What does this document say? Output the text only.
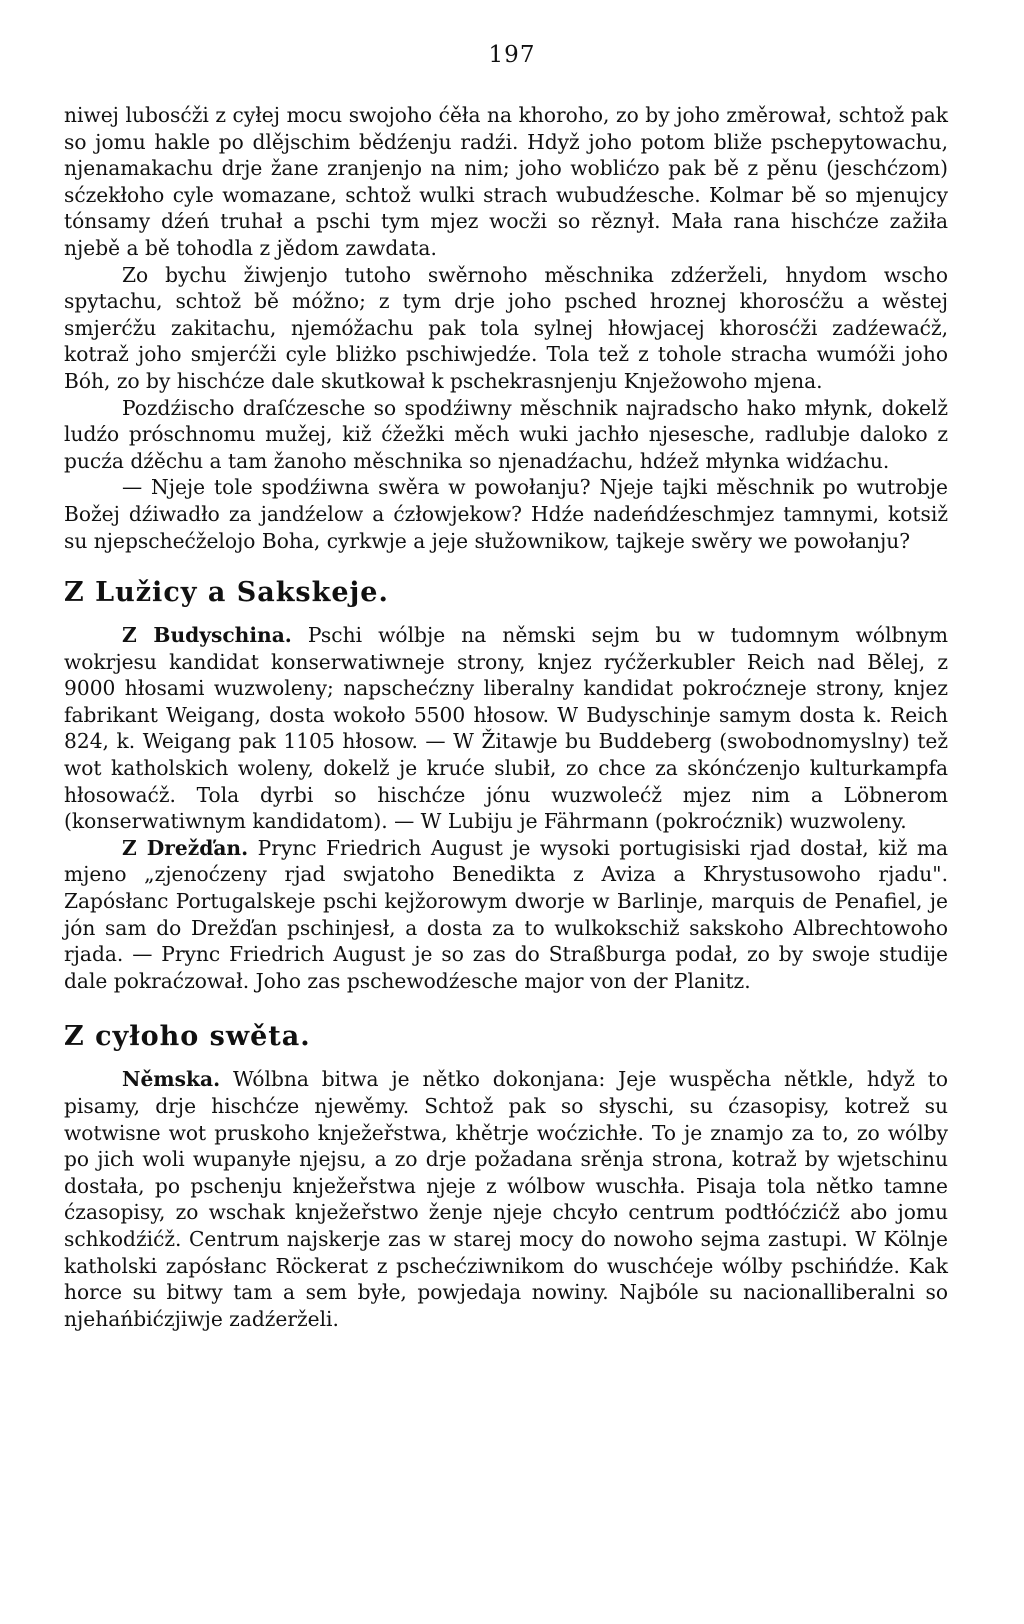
197

niwej lubosćži z cyłej mocu swojoho ćěła na khoroho, zo by joho změrował, schtož pak so jomu hakle po dlějschim bědźenju radźi. Hdyž joho potom bliže pschepytowachu, njenamakachu drje žane zranjenjo na nim; joho woblićzo pak bě z pěnu (jeschćzom) sćzekłoho cyle womazane, schtož wulki strach wubudźesche. Kolmar bě so mjenujcy tónsamy dźeń truhał a pschi tym mjez wocži so rěznył. Mała rana hischćze zažiła njebě a bě tohodla z jědom zawdata.

Zo bychu žiwjenjo tutoho swěrnoho měschnika zdźerželi, hnydom wscho spytachu, schtož bě móžno; z tym drje joho psched hroznej khorosćžu a wěstej smjerćžu zakitachu, njemóžachu pak tola sylnej hłowjacej khorosćži zadźewaćž, kotraž joho smjerćži cyle bliżko pschiwjedźe. Tola tež z tohole stracha wumóži joho Bóh, zo by hischćze dale skutkował k pschekrasnjenju Knježowoho mjena.

Pozdźischo draſćzesche so spodźiwny měschnik najradscho hako młynk, dokelž ludźo próschnomu mužej, kiž ćžežki měch wuki jachło njesesche, radlubje daloko z pucźa dźěchu a tam žanoho měschnika so njenadźachu, hdźež młynka widźachu.

— Njeje tole spodźiwna swěra w powołanju? Njeje tajki měschnik po wutrobje Božej dźiwadło za jandźelow a ćzłowjekow? Hdźe nadeńdźeschmjez tamnymi, kotsiž su njepschećželojo Boha, cyrkwje a jeje słužownikow, tajkeje swěry we powołanju?

Z Lužicy a Sakskeje.

Z Budyschina. Pschi wólbje na němski sejm bu w tudomnym wólbnym wokrjesu kandidat konserwatiwneje strony, knjez ryćžerkubler Reich nad Bělej, z 9000 hłosami wuzwoleny; napschećzny liberalny kandidat pokroćzneje strony, knjez fabrikant Weigang, dosta wokoło 5500 hłosow. W Budyschinje samym dosta k. Reich 824, k. Weigang pak 1105 hłosow. — W Žitawje bu Buddeberg (swobodnomyslny) tež wot katholskich woleny, dokelž je kruće slubił, zo chce za skónćzenjo kulturkampfa hłosowaćž. Tola dyrbi so hischćze jónu wuzwolećž mjez nim a Löbnerom (konserwatiwnym kandidatom). — W Lubiju je Fährmann (pokroćznik) wuzwoleny.

Z Drežďan. Prync Friedrich August je wysoki portugisiski rjad dostał, kiž ma mjeno „zjenoćzeny rjad swjatoho Benedikta z Aviza a Khrystusowoho rjadu". Zapósłanc Portugalskeje pschi kejžorowym dworje w Barlinje, marquis de Penafiel, je jón sam do Drežďan pschinjesł, a dosta za to wulkokschiž sakskoho Albrechtowoho rjada. — Prync Friedrich August je so zas do Straßburga podał, zo by swoje studije dale pokraćzował. Joho zas pschewodźesche major von der Planitz.

Z cyłoho swěta.

Němska. Wólbna bitwa je nětko dokonjana: Jeje wuspěcha nětkle, hdyž to pisamy, drje hischćze njewěmy. Schtož pak so słyschi, su ćzasopisy, kotrež su wotwisne wot pruskoho knježeřstwa, khětrje woćzichłe. To je znamjo za to, zo wólby po jich woli wupanyłe njejsu, a zo drje požadana srěnja strona, kotraž by wjetschinu dostała, po pschenju knježeřstwa njeje z wólbow wuschła. Pisaja tola nětko tamne ćzasopisy, zo wschak knježeřstwo ženje njeje chcyło centrum podtłóćzićž abo jomu schkodźićž. Centrum najskerje zas w starej mocy do nowoho sejma zastupi. W Kölnje katholski zapósłanc Röckerat z pschećziwnikom do wuschćeje wólby pschińdźe. Kak horce su bitwy tam a sem byłe, powjedaja nowiny. Najbóle su nacionalliberalni so njehańbićzjiwje zadźerželi.
